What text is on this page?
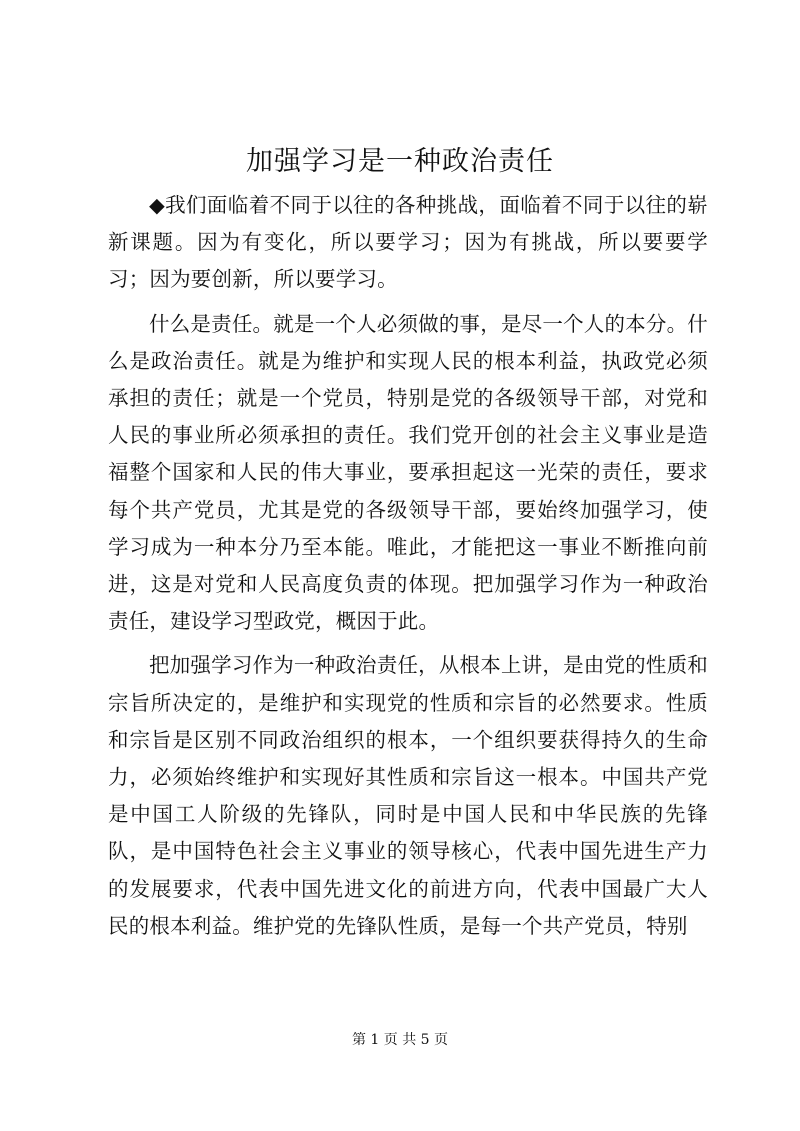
加强学习是一种政治责任

◆我们面临着不同于以往的各种挑战，面临着不同于以往的崭新课题。因为有变化，所以要学习；因为有挑战，所以要要学习；因为要创新，所以要学习。

什么是责任。就是一个人必须做的事，是尽一个人的本分。什么是政治责任。就是为维护和实现人民的根本利益，执政党必须承担的责任；就是一个党员，特别是党的各级领导干部，对党和人民的事业所必须承担的责任。我们党开创的社会主义事业是造福整个国家和人民的伟大事业，要承担起这一光荣的责任，要求每个共产党员，尤其是党的各级领导干部，要始终加强学习，使学习成为一种本分乃至本能。唯此，才能把这一事业不断推向前进，这是对党和人民高度负责的体现。把加强学习作为一种政治责任，建设学习型政党，概因于此。

把加强学习作为一种政治责任，从根本上讲，是由党的性质和宗旨所决定的，是维护和实现党的性质和宗旨的必然要求。性质和宗旨是区别不同政治组织的根本，一个组织要获得持久的生命力，必须始终维护和实现好其性质和宗旨这一根本。中国共产党是中国工人阶级的先锋队，同时是中国人民和中华民族的先锋队，是中国特色社会主义事业的领导核心，代表中国先进生产力的发展要求，代表中国先进文化的前进方向，代表中国最广大人民的根本利益。维护党的先锋队性质，是每一个共产党员，特别

第 1 页 共 5 页
